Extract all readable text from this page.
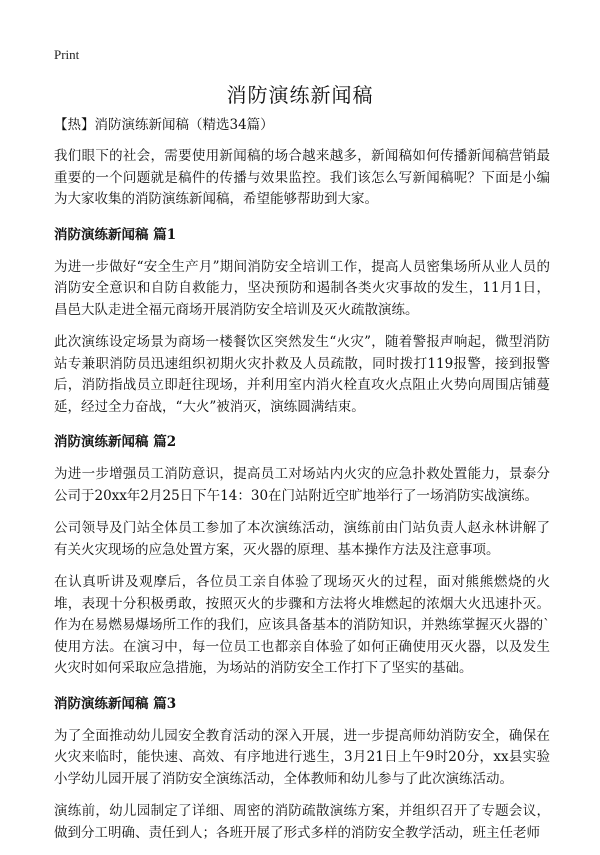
Print
消防演练新闻稿
【热】消防演练新闻稿（精选34篇）

我们眼下的社会，需要使用新闻稿的场合越来越多，新闻稿如何传播新闻稿营销最重要的一个问题就是稿件的传播与效果监控。我们该怎么写新闻稿呢？下面是小编为大家收集的消防演练新闻稿，希望能够帮助到大家。

消防演练新闻稿 篇1

为进一步做好“安全生产月”期间消防安全培训工作，提高人员密集场所从业人员的消防安全意识和自防自救能力，坚决预防和遏制各类火灾事故的发生，11月1日，昌邑大队走进全福元商场开展消防安全培训及灭火疏散演练。

此次演练设定场景为商场一楼餐饮区突然发生“火灾”，随着警报声响起，微型消防站专兼职消防员迅速组织初期火灾扑救及人员疏散，同时拨打119报警，接到报警后，消防指战员立即赶往现场，并利用室内消火栓直攻火点阻止火势向周围店铺蔓延，经过全力奋战，“大火”被消灭，演练圆满结束。

消防演练新闻稿 篇2

为进一步增强员工消防意识，提高员工对场站内火灾的应急扑救处置能力，景泰分公司于20xx年2月25日下午14：30在门站附近空旷地举行了一场消防实战演练。

公司领导及门站全体员工参加了本次演练活动，演练前由门站负责人赵永林讲解了有关火灾现场的应急处置方案，灭火器的原理、基本操作方法及注意事项。

在认真听讲及观摩后，各位员工亲自体验了现场灭火的过程，面对熊熊燃烧的火堆，表现十分积极勇敢，按照灭火的步骤和方法将火堆燃起的浓烟大火迅速扑灭。作为在易燃易爆场所工作的我们，应该具备基本的消防知识，并熟练掌握灭火器的`使用方法。在演习中，每一位员工也都亲自体验了如何正确使用灭火器，以及发生火灾时如何采取应急措施，为场站的消防安全工作打下了坚实的基础。

消防演练新闻稿 篇3

为了全面推动幼儿园安全教育活动的深入开展，进一步提高师幼消防安全，确保在火灾来临时，能快速、高效、有序地进行逃生，3月21日上午9时20分，xx县实验小学幼儿园开展了消防安全演练活动，全体教师和幼儿参与了此次演练活动。

演练前，幼儿园制定了详细、周密的消防疏散演练方案，并组织召开了专题会议，做到分工明确、责任到人；各班开展了形式多样的消防安全教学活动，班主任老师
